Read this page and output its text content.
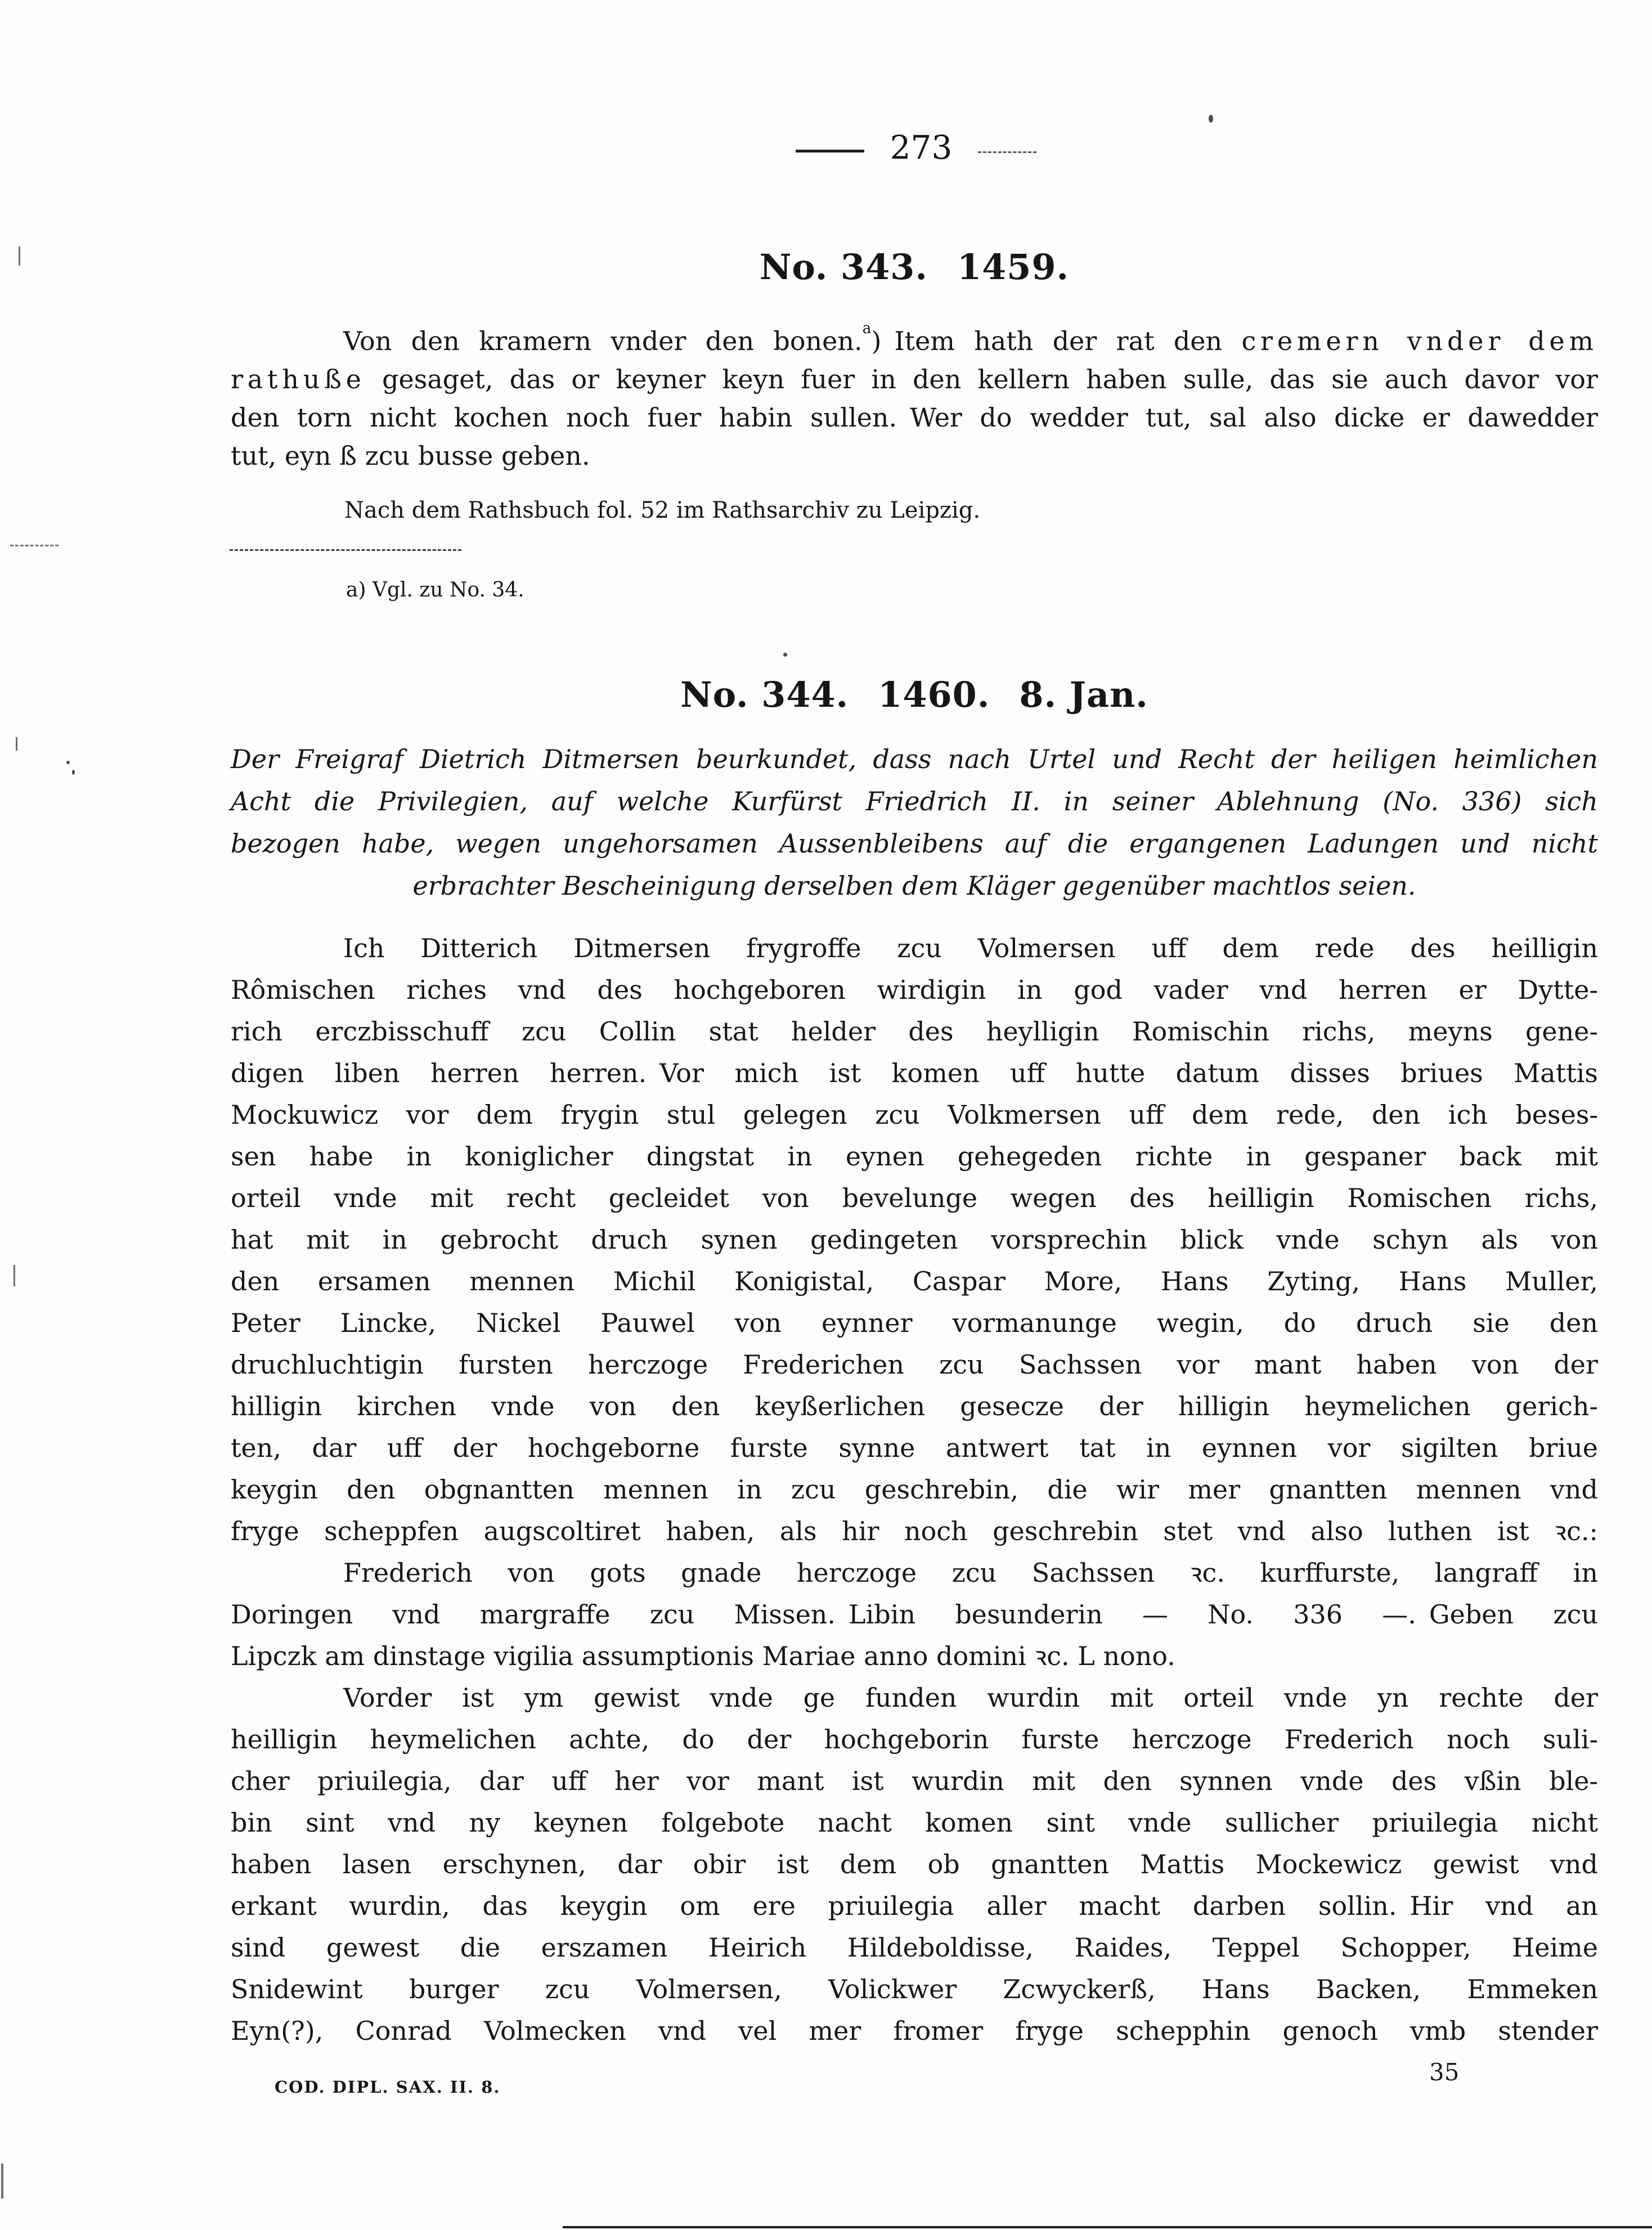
273
No. 343. 1459.
Von den kramern vnder den bonen.$^a$) Item hath der rat den cremern vnder dem
rathuße gesaget, das or keyner keyn fuer in den kellern haben sulle, das sie auch davor vor
den torn nicht kochen noch fuer habin sullen. Wer do wedder tut, sal also dicke er dawedder
tut, eyn ß zcu busse geben.
Nach dem Rathsbuch fol. 52 im Rathsarchiv zu Leipzig.
a) Vgl. zu No. 34.
No. 344. 1460. 8. Jan.
Der Freigraf Dietrich Ditmersen beurkundet, dass nach Urtel und Recht der heiligen heimlichen
Acht die Privilegien, auf welche Kurfürst Friedrich II. in seiner Ablehnung (No. 336) sich
bezogen habe, wegen ungehorsamen Aussenbleibens auf die ergangenen Ladungen und nicht
erbrachter Bescheinigung derselben dem Kläger gegenüber machtlos seien.
Ich Ditterich Ditmersen frygroffe zcu Volmersen uff dem rede des heilligin
Rômischen riches vnd des hochgeboren wirdigin in god vader vnd herren er Dytte-
rich erczbisschuff zcu Collin stat helder des heylligin Romischin richs, meyns gene-
digen liben herren herren. Vor mich ist komen uff hutte datum disses briues Mattis
Mockuwicz vor dem frygin stul gelegen zcu Volkmersen uff dem rede, den ich beses-
sen habe in koniglicher dingstat in eynen gehegeden richte in gespaner back mit
orteil vnde mit recht gecleidet von bevelunge wegen des heilligin Romischen richs,
hat mit in gebrocht druch synen gedingeten vorsprechin blick vnde schyn als von
den ersamen mennen Michil Konigistal, Caspar More, Hans Zyting, Hans Muller,
Peter Lincke, Nickel Pauwel von eynner vormanunge wegin, do druch sie den
druchluchtigin fursten herczoge Frederichen zcu Sachssen vor mant haben von der
hilligin kirchen vnde von den keyßerlichen gesecze der hilligin heymelichen gerich-
ten, dar uff der hochgeborne furste synne antwert tat in eynnen vor sigilten briue
keygin den obgnantten mennen in zcu geschrebin, die wir mer gnantten mennen vnd
fryge scheppfen augscoltiret haben, als hir noch geschrebin stet vnd also luthen ist ꝛc.:
Frederich von gots gnade herczoge zcu Sachssen ꝛc. kurffurste, langraff in
Doringen vnd margraffe zcu Missen. Libin besunderin — No. 336 —. Geben zcu
Lipczk am dinstage vigilia assumptionis Mariae anno domini ꝛc. L nono.
Vorder ist ym gewist vnde ge funden wurdin mit orteil vnde yn rechte der
heilligin heymelichen achte, do der hochgeborin furste herczoge Frederich noch suli-
cher priuilegia, dar uff her vor mant ist wurdin mit den synnen vnde des vßin ble-
bin sint vnd ny keynen folgebote nacht komen sint vnde sullicher priuilegia nicht
haben lasen erschynen, dar obir ist dem ob gnantten Mattis Mockewicz gewist vnd
erkant wurdin, das keygin om ere priuilegia aller macht darben sollin. Hir vnd an
sind gewest die erszamen Heirich Hildeboldisse, Raides, Teppel Schopper, Heime
Snidewint burger zcu Volmersen, Volickwer Zcwyckerß, Hans Backen, Emmeken
Eyn(?), Conrad Volmecken vnd vel mer fromer fryge schepphin genoch vmb stender
COD. DIPL. SAX. II. 8.
35
